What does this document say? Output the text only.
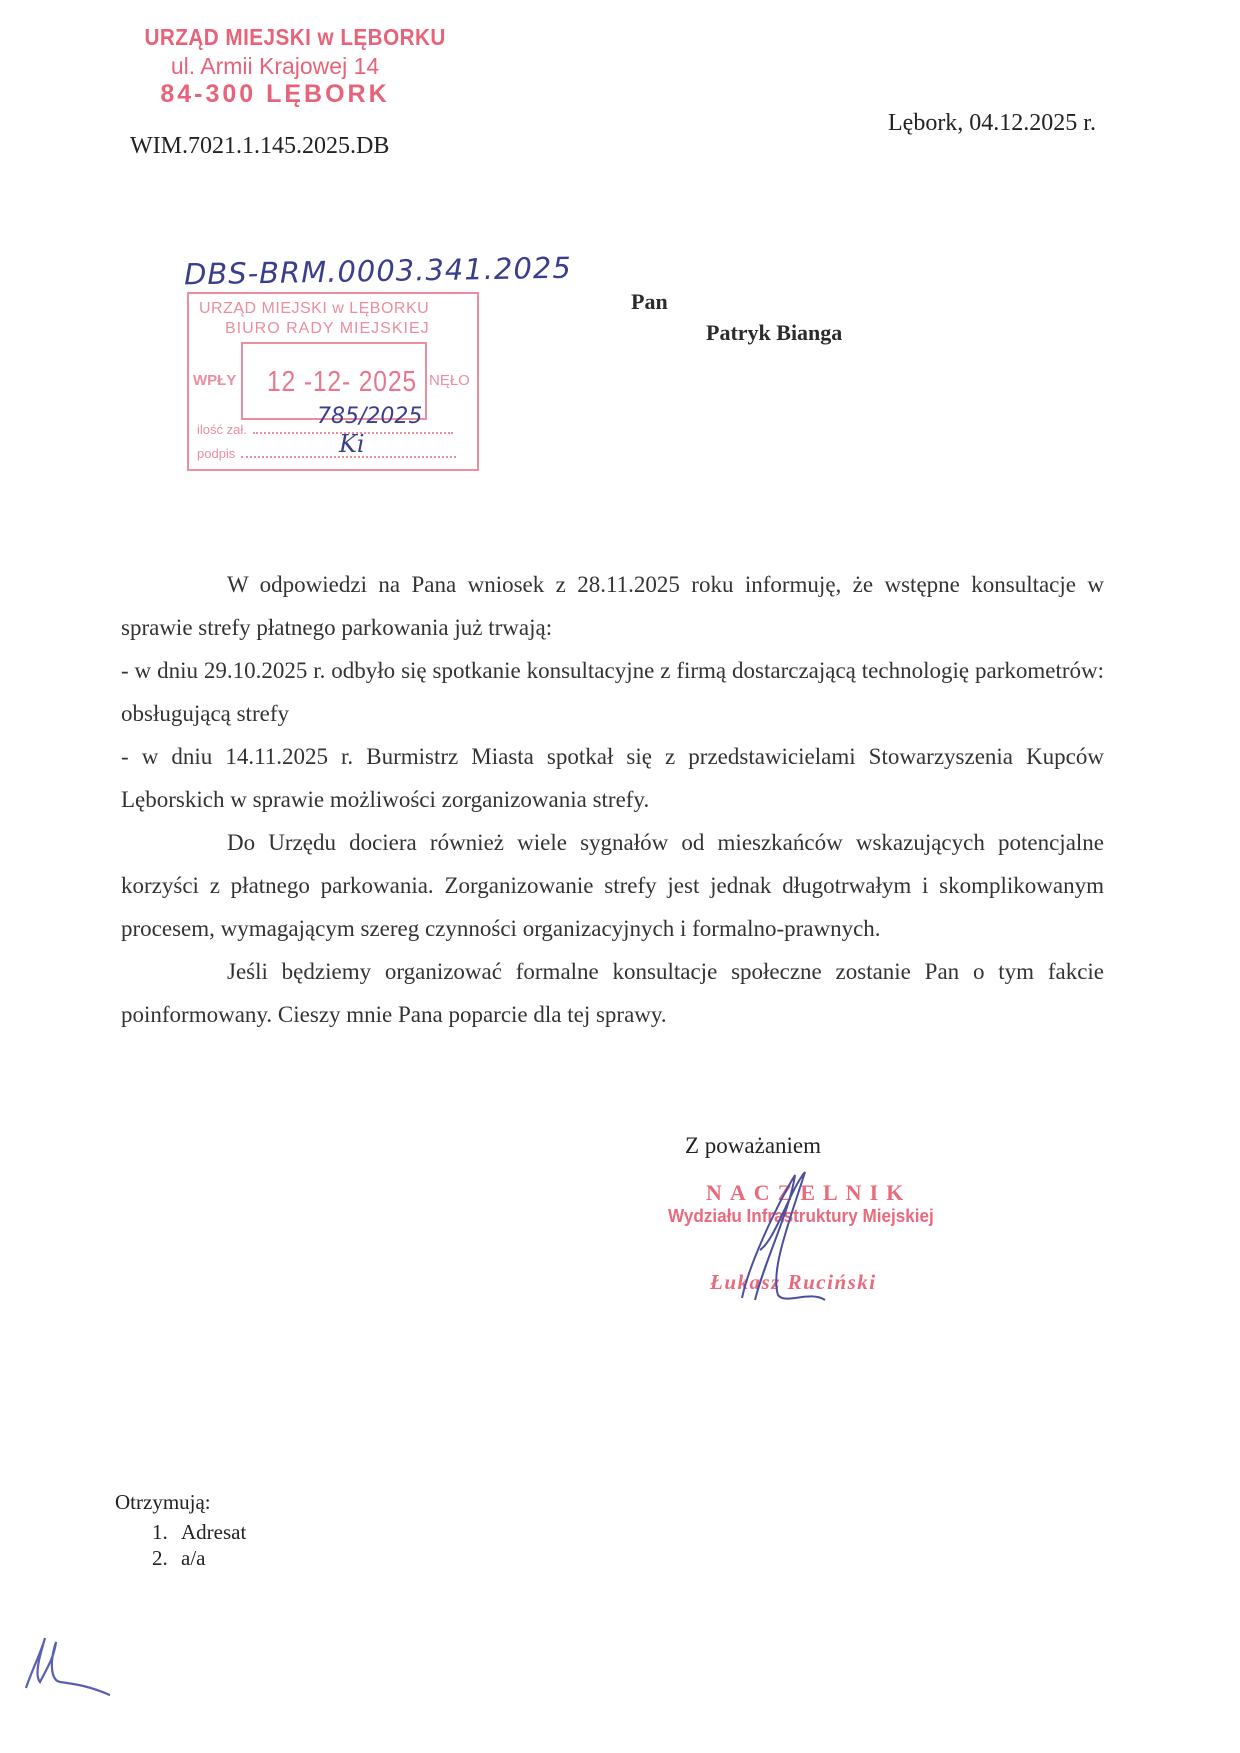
URZĄD MIEJSKI w LĘBORKU
ul. Armii Krajowej 14
84-300 LĘBORK
WIM.7021.1.145.2025.DB
Lębork, 04.12.2025 r.
DBS-BRM.0003.341.2025
URZĄD MIEJSKI w LĘBORKU
BIURO RADY MIEJSKIEJ
WPŁY	NĘŁO
12 -12- 2025
ilość zał.
podpis
785/2025
Ki
Pan
Patryk Bianga

W odpowiedzi na Pana wniosek z 28.11.2025 roku informuję, że wstępne konsultacje w sprawie strefy płatnego parkowania już trwają:

- w dniu 29.10.2025 r. odbyło się spotkanie konsultacyjne z firmą dostarczającą technologię parkometrów: obsługującą strefy

- w dniu 14.11.2025 r. Burmistrz Miasta spotkał się z przedstawicielami Stowarzyszenia Kupców Lęborskich w sprawie możliwości zorganizowania strefy.

Do Urzędu dociera również wiele sygnałów od mieszkańców wskazujących potencjalne korzyści z płatnego parkowania. Zorganizowanie strefy jest jednak długotrwałym i skomplikowanym procesem, wymagającym szereg czynności organizacyjnych i formalno-prawnych.

Jeśli będziemy organizować formalne konsultacje społeczne zostanie Pan o tym fakcie poinformowany. Cieszy mnie Pana poparcie dla tej sprawy.

Z poważaniem
NACZELNIK
Wydziału Infrastruktury Miejskiej
Łukasz Ruciński
Otrzymują:
1. Adresat
2. a/a
